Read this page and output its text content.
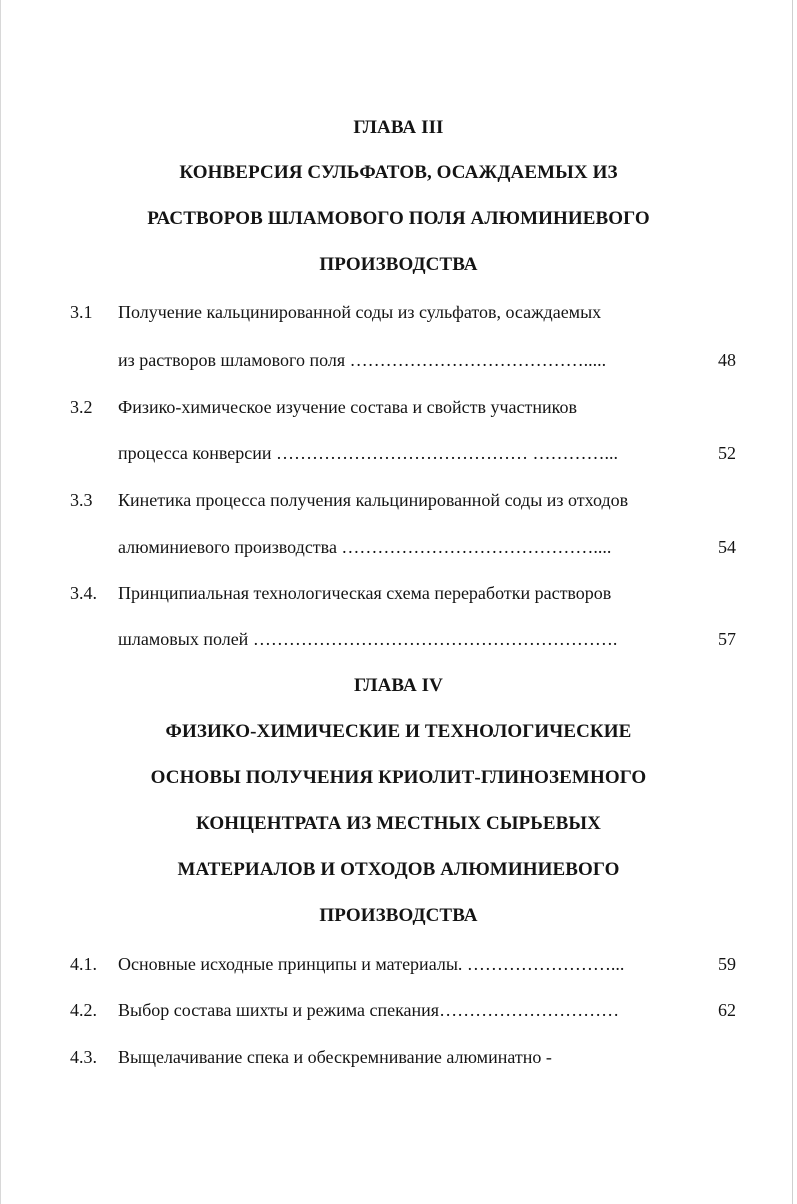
ГЛАВА III
КОНВЕРСИЯ СУЛЬФАТОВ, ОСАЖДАЕМЫХ ИЗ
РАСТВОРОВ ШЛАМОВОГО ПОЛЯ АЛЮМИНИЕВОГО
ПРОИЗВОДСТВА
3.1 Получение кальцинированной соды из сульфатов, осаждаемых
из растворов шламового поля ………………………………….....	48
3.2 Физико-химическое изучение состава и свойств участников
процесса конверсии …………………………………… …………...	52
3.3 Кинетика процесса получения кальцинированной соды из отходов
алюминиевого производства ……………………………………....	54
3.4. Принципиальная технологическая схема переработки растворов
шламовых полей …………………………………………………….	57
ГЛАВА IV
ФИЗИКО-ХИМИЧЕСКИЕ И ТЕХНОЛОГИЧЕСКИЕ
ОСНОВЫ ПОЛУЧЕНИЯ КРИОЛИТ-ГЛИНОЗЕМНОГО
КОНЦЕНТРАТА ИЗ МЕСТНЫХ СЫРЬЕВЫХ
МАТЕРИАЛОВ И ОТХОДОВ АЛЮМИНИЕВОГО
ПРОИЗВОДСТВА
4.1. Основные исходные принципы и материалы. ……………………...	59
4.2. Выбор состава шихты и режима спекания…………………………	62
4.3. Выщелачивание спека и обескремнивание алюминатно -
